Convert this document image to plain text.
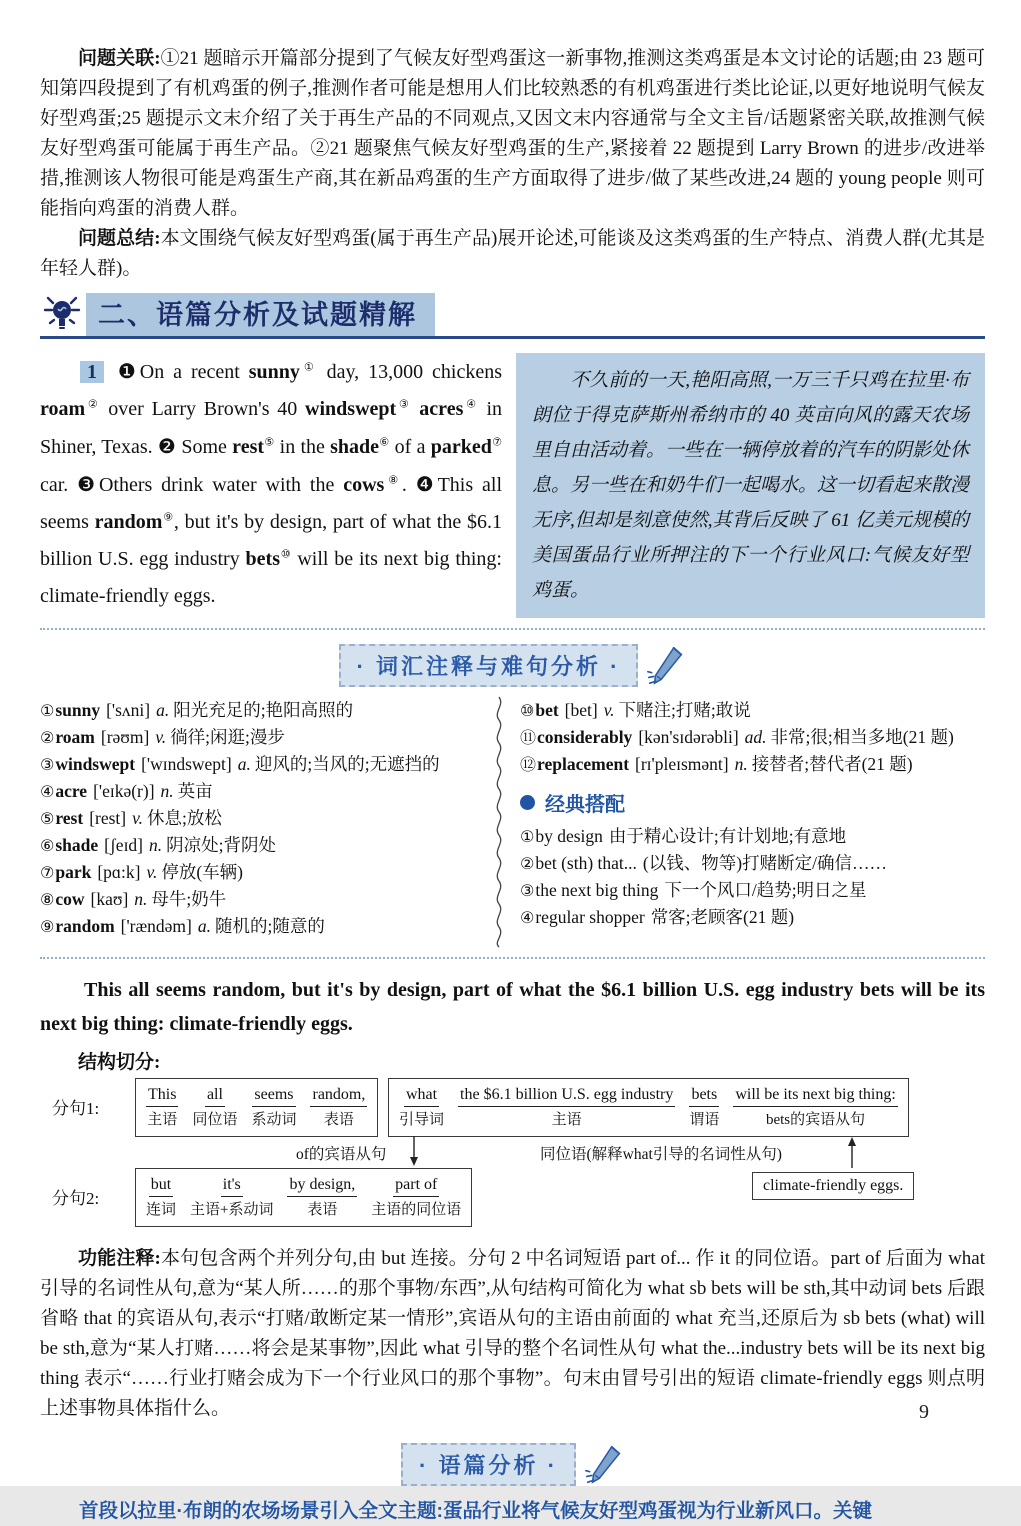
问题关联:①21 题暗示开篇部分提到了气候友好型鸡蛋这一新事物,推测这类鸡蛋是本文讨论的话题;由 23 题可知第四段提到了有机鸡蛋的例子,推测作者可能是想用人们比较熟悉的有机鸡蛋进行类比论证,以更好地说明气候友好型鸡蛋;25 题提示文末介绍了关于再生产品的不同观点,又因文末内容通常与全文主旨/话题紧密关联,故推测气候友好型鸡蛋可能属于再生产品。②21 题聚焦气候友好型鸡蛋的生产,紧接着 22 题提到 Larry Brown 的进步/改进举措,推测该人物很可能是鸡蛋生产商,其在新品鸡蛋的生产方面取得了进步/做了某些改进,24 题的 young people 则可能指向鸡蛋的消费人群。

问题总结:本文围绕气候友好型鸡蛋(属于再生产品)展开论述,可能谈及这类鸡蛋的生产特点、消费人群(尤其是年轻人群)。

二、语篇分析及试题精解
1 ❶On a recent sunny① day, 13,000 chickens roam② over Larry Brown's 40 windswept③ acres④ in Shiner, Texas. ❷ Some rest⑤ in the shade⑥ of a parked⑦ car. ❸Others drink water with the cows⑧. ❹This all seems random⑨, but it's by design, part of what the $6.1 billion U.S. egg industry bets⑩ will be its next big thing: climate-friendly eggs.
不久前的一天,艳阳高照,一万三千只鸡在拉里·布朗位于得克萨斯州希纳市的 40 英亩向风的露天农场里自由活动着。一些在一辆停放着的汽车的阴影处休息。另一些在和奶牛们一起喝水。这一切看起来散漫无序,但却是刻意使然,其背后反映了 61 亿美元规模的美国蛋品行业所押注的下一个行业风口:气候友好型鸡蛋。
· 词汇注释与难句分析 ·
①sunny ['sʌni] a. 阳光充足的;艳阳高照的
②roam [rəʊm] v. 徜徉;闲逛;漫步
③windswept ['wɪndswept] a. 迎风的;当风的;无遮挡的
④acre ['eɪkə(r)] n. 英亩
⑤rest [rest] v. 休息;放松
⑥shade [ʃeɪd] n. 阴凉处;背阴处
⑦park [pɑ:k] v. 停放(车辆)
⑧cow [kaʊ] n. 母牛;奶牛
⑨random ['rændəm] a. 随机的;随意的
⑩bet [bet] v. 下赌注;打赌;敢说
⑪considerably [kən'sɪdərəbli] ad. 非常;很;相当多地(21 题)
⑫replacement [rɪ'pleɪsmənt] n. 接替者;替代者(21 题)
经典搭配
①by design 由于精心设计;有计划地;有意地
②bet (sth) that... (以钱、物等)打赌断定/确信……
③the next big thing 下一个风口/趋势;明日之星
④regular shopper 常客;老顾客(21 题)
This all seems random, but it's by design, part of what the $6.1 billion U.S. egg industry bets will be its next big thing: climate-friendly eggs.
结构切分:
分句1:
This
主语
all
同位语
seems
系动词
random,
表语
what
引导词
the $6.1 billion U.S. egg industry
主语
bets
谓语
will be its next big thing:
bets的宾语从句
of的宾语从句	同位语(解释what引导的名词性从句)
分句2:
but
连词
it's
主语+系动词
by design,
表语
part of
主语的同位语
climate-friendly eggs.

功能注释:本句包含两个并列分句,由 but 连接。分句 2 中名词短语 part of... 作 it 的同位语。part of 后面为 what 引导的名词性从句,意为“某人所……的那个事物/东西”,从句结构可简化为 what sb bets will be sth,其中动词 bets 后跟省略 that 的宾语从句,表示“打赌/敢断定某一情形”,宾语从句的主语由前面的 what 充当,还原后为 sb bets (what) will be sth,意为“某人打赌……将会是某事物”,因此 what 引导的整个名词性从句 what the...industry bets will be its next big thing 表示“……行业打赌会成为下一个行业风口的那个事物”。句末由冒号引出的短语 climate-friendly eggs 则点明上述事物具体指什么。

· 语篇分析 ·
首段以拉里·布朗的农场场景引入全文主题:蛋品行业将气候友好型鸡蛋视为行业新风口。关键
9
